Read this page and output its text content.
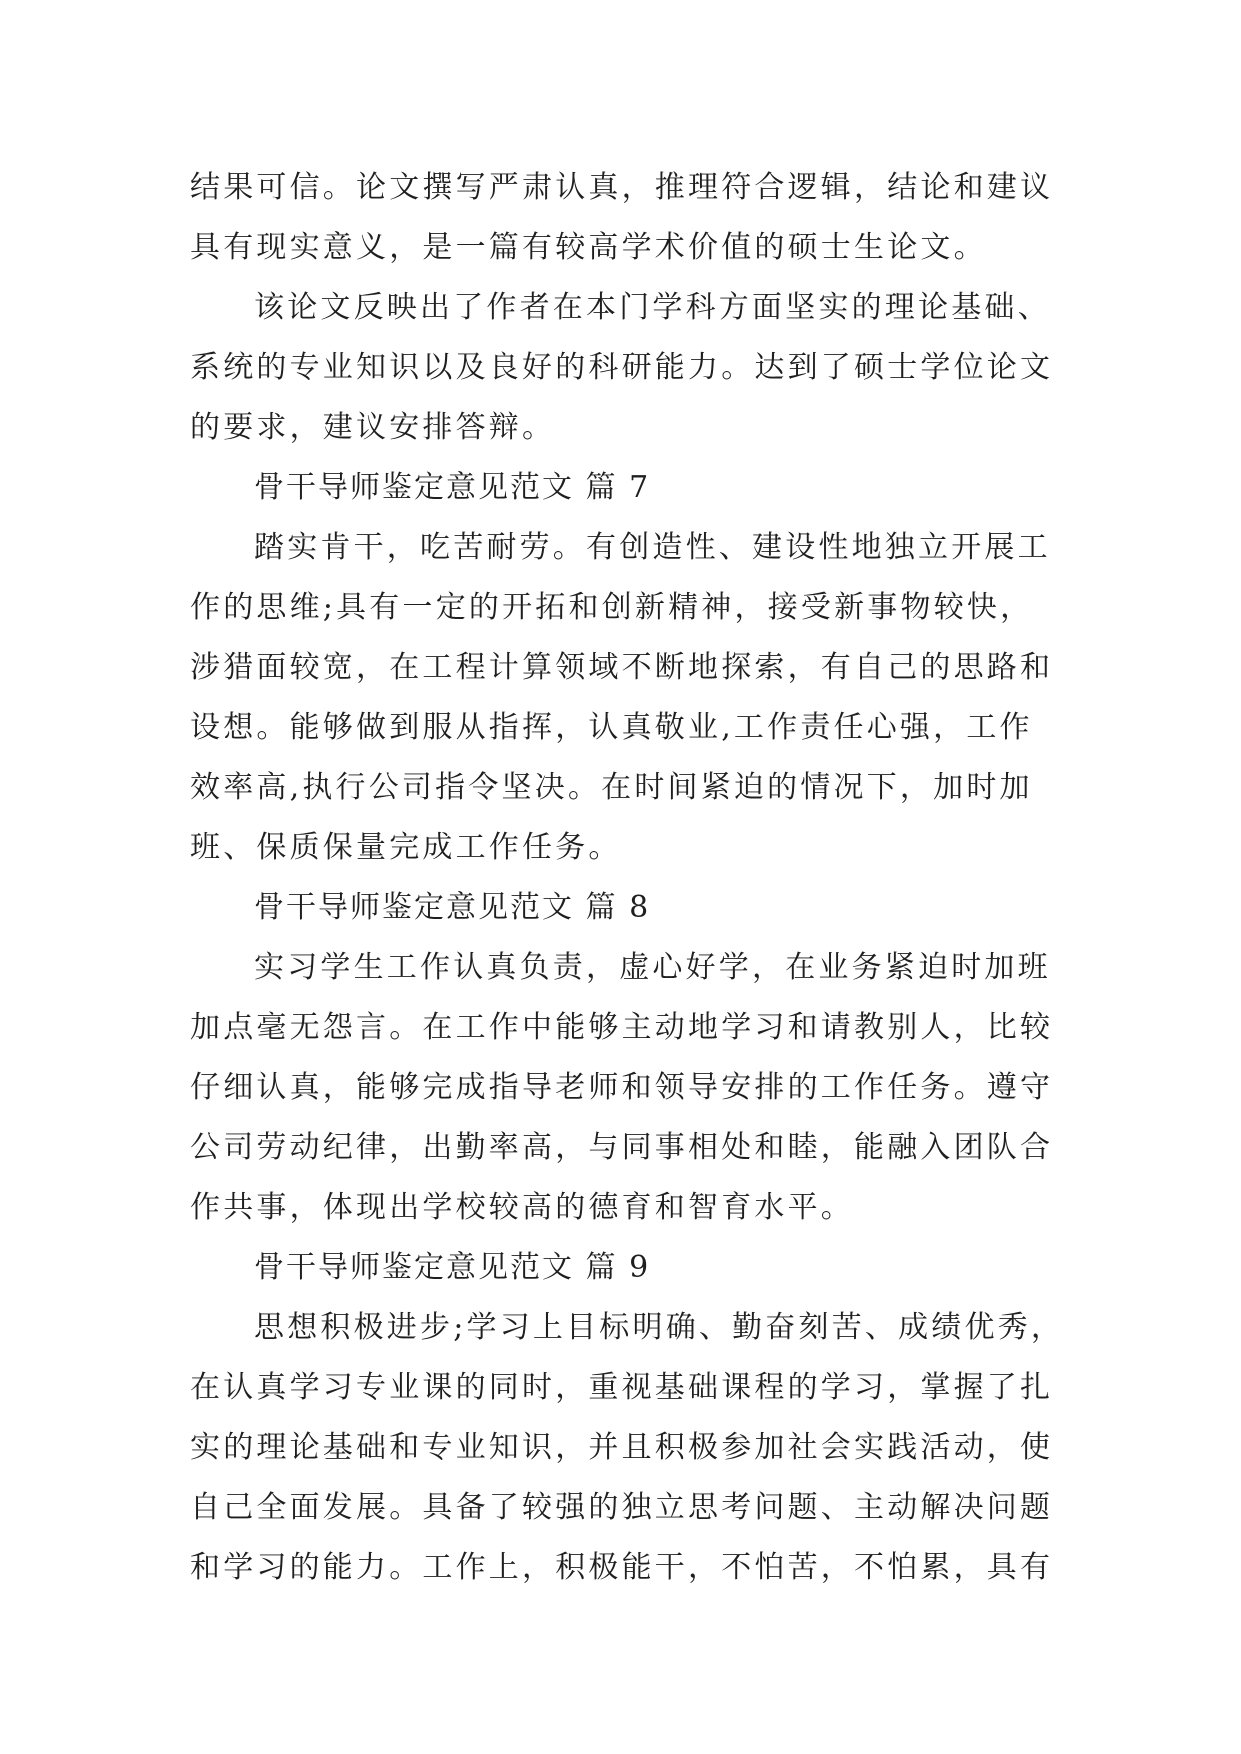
结果可信。论文撰写严肃认真，推理符合逻辑，结论和建议
具有现实意义，是一篇有较高学术价值的硕士生论文。
该论文反映出了作者在本门学科方面坚实的理论基础、
系统的专业知识以及良好的科研能力。达到了硕士学位论文
的要求，建议安排答辩。
骨干导师鉴定意见范文 篇 7
踏实肯干，吃苦耐劳。有创造性、建设性地独立开展工
作的思维;具有一定的开拓和创新精神，接受新事物较快，
涉猎面较宽，在工程计算领域不断地探索，有自己的思路和
设想。能够做到服从指挥，认真敬业,工作责任心强，工作
效率高,执行公司指令坚决。在时间紧迫的情况下，加时加
班、保质保量完成工作任务。
骨干导师鉴定意见范文 篇 8
实习学生工作认真负责，虚心好学，在业务紧迫时加班
加点毫无怨言。在工作中能够主动地学习和请教别人，比较
仔细认真，能够完成指导老师和领导安排的工作任务。遵守
公司劳动纪律，出勤率高，与同事相处和睦，能融入团队合
作共事，体现出学校较高的德育和智育水平。
骨干导师鉴定意见范文 篇 9
思想积极进步;学习上目标明确、勤奋刻苦、成绩优秀，
在认真学习专业课的同时，重视基础课程的学习，掌握了扎
实的理论基础和专业知识，并且积极参加社会实践活动，使
自己全面发展。具备了较强的独立思考问题、主动解决问题
和学习的能力。工作上，积极能干，不怕苦，不怕累，具有
